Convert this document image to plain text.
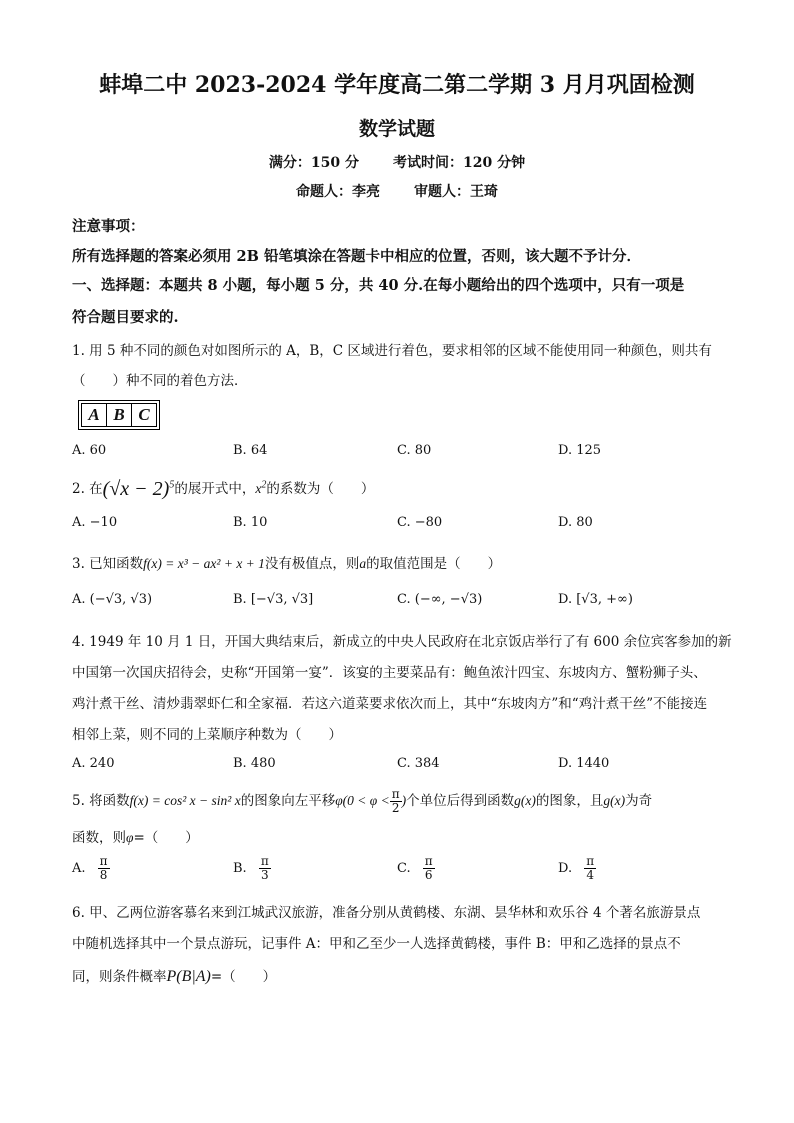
蚌埠二中 2023-2024 学年度高二第二学期 3 月月巩固检测
数学试题
满分：150 分 考试时间：120 分钟
命题人：李亮 审题人：王琦
注意事项：
所有选择题的答案必须用 2B 铅笔填涂在答题卡中相应的位置，否则，该大题不予计分．
一、选择题：本题共 8 小题，每小题 5 分，共 40 分.在每小题给出的四个选项中，只有一项是
符合题目要求的.
1. 用 5 种不同的颜色对如图所示的 A，B，C 区域进行着色，要求相邻的区域不能使用同一种颜色，则共有
（　　）种不同的着色方法．
A B C
A. 60	B. 64	C. 80	D. 125
2. 在$(√x - 2)^5$的展开式中，$x^2$的系数为（　　）
A. −10	B. 10	C. −80	D. 80
3. 已知函数f(x) = x³ − ax² + x + 1没有极值点，则a的取值范围是（　　）
A. (−√3, √3)	B. [−√3, √3]	C. (−∞, −√3)	D. [√3, +∞)
4. 1949 年 10 月 1 日，开国大典结束后，新成立的中央人民政府在北京饭店举行了有 600 余位宾客参加的新
中国第一次国庆招待会，史称“开国第一宴”．该宴的主要菜品有：鲍鱼浓汁四宝、东坡肉方、蟹粉狮子头、
鸡汁煮干丝、清炒翡翠虾仁和全家福．若这六道菜要求依次而上，其中“东坡肉方”和“鸡汁煮干丝”不能接连
相邻上菜，则不同的上菜顺序种数为（　　）
A. 240	B. 480	C. 384	D. 1440
5. 将函数f(x) = cos² x − sin² x的图象向左平移$\varphi(0 < \varphi < \frac{\pi}{2}$ )个单位后得到函数g(x)的图象，且g(x)为奇
函数，则φ=（　　）
A. $\frac{\pi}{8}$	B. $\frac{\pi}{3}$	C. $\frac{\pi}{6}$	D. $\frac{\pi}{4}$
6. 甲、乙两位游客慕名来到江城武汉旅游，准备分别从黄鹤楼、东湖、昙华林和欢乐谷 4 个著名旅游景点
中随机选择其中一个景点游玩，记事件 A：甲和乙至少一人选择黄鹤楼，事件 B：甲和乙选择的景点不
同，则条件概率P(B|A)=（　　）
